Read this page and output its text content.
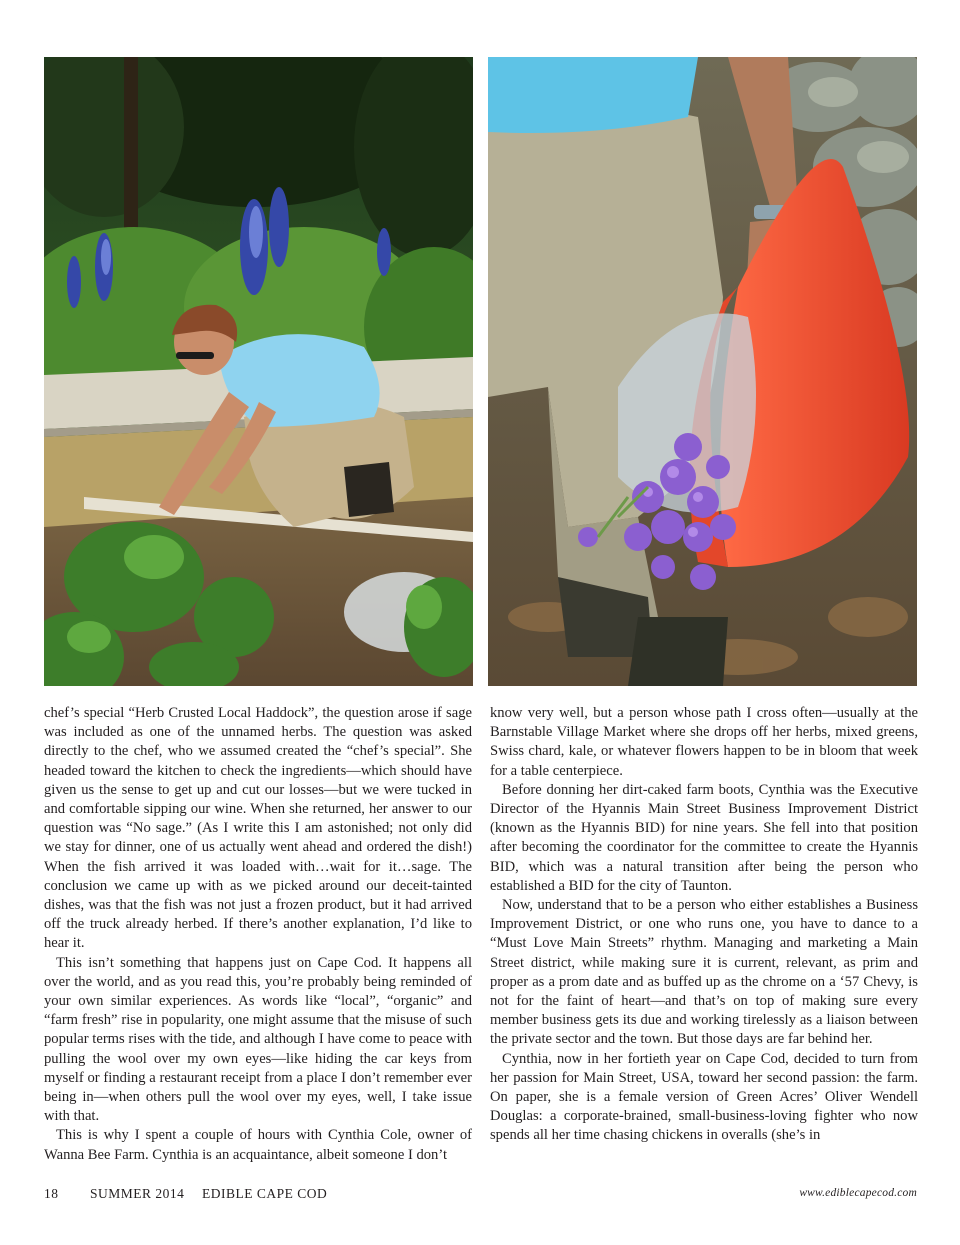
chef’s special “Herb Crusted Local Haddock”, the question arose if sage was included as one of the unnamed herbs. The question was asked directly to the chef, who we assumed created the “chef’s special”. She headed toward the kitchen to check the ingredients—which should have given us the sense to get up and cut our losses—but we were tucked in and comfortable sipping our wine. When she returned, her answer to our question was “No sage.” (As I write this I am astonished; not only did we stay for dinner, one of us actually went ahead and ordered the dish!) When the fish arrived it was loaded with…wait for it…sage. The conclusion we came up with as we picked around our deceit-tainted dishes, was that the fish was not just a frozen product, but it had arrived off the truck already herbed. If there’s another explanation, I’d like to hear it.

This isn’t something that happens just on Cape Cod. It happens all over the world, and as you read this, you’re probably being reminded of your own similar experiences. As words like “local”, “organic” and “farm fresh” rise in popularity, one might assume that the misuse of such popular terms rises with the tide, and although I have come to peace with pulling the wool over my own eyes—like hiding the car keys from myself or finding a restaurant receipt from a place I don’t remember ever being in—when others pull the wool over my eyes, well, I take issue with that.

This is why I spent a couple of hours with Cynthia Cole, owner of Wanna Bee Farm. Cynthia is an acquaintance, albeit someone I don’t

know very well, but a person whose path I cross often—usually at the Barnstable Village Market where she drops off her herbs, mixed greens, Swiss chard, kale, or whatever flowers happen to be in bloom that week for a table centerpiece.

Before donning her dirt-caked farm boots, Cynthia was the Executive Director of the Hyannis Main Street Business Improvement District (known as the Hyannis BID) for nine years. She fell into that position after becoming the coordinator for the committee to create the Hyannis BID, which was a natural transition after being the person who established a BID for the city of Taunton.

Now, understand that to be a person who either establishes a Business Improvement District, or one who runs one, you have to dance to a “Must Love Main Streets” rhythm. Managing and marketing a Main Street district, while making sure it is current, relevant, as prim and proper as a prom date and as buffed up as the chrome on a ‘57 Chevy, is not for the faint of heart—and that’s on top of making sure every member business gets its due and working tirelessly as a liaison between the private sector and the town. But those days are far behind her.

Cynthia, now in her fortieth year on Cape Cod, decided to turn from her passion for Main Street, USA, toward her second passion: the farm. On paper, she is a female version of Green Acres’ Oliver Wendell Douglas: a corporate-brained, small-business-loving fighter who now spends all her time chasing chickens in overalls (she’s in

18 SUMMER 2014 EDIBLE CAPE COD	www.ediblecapecod.com
